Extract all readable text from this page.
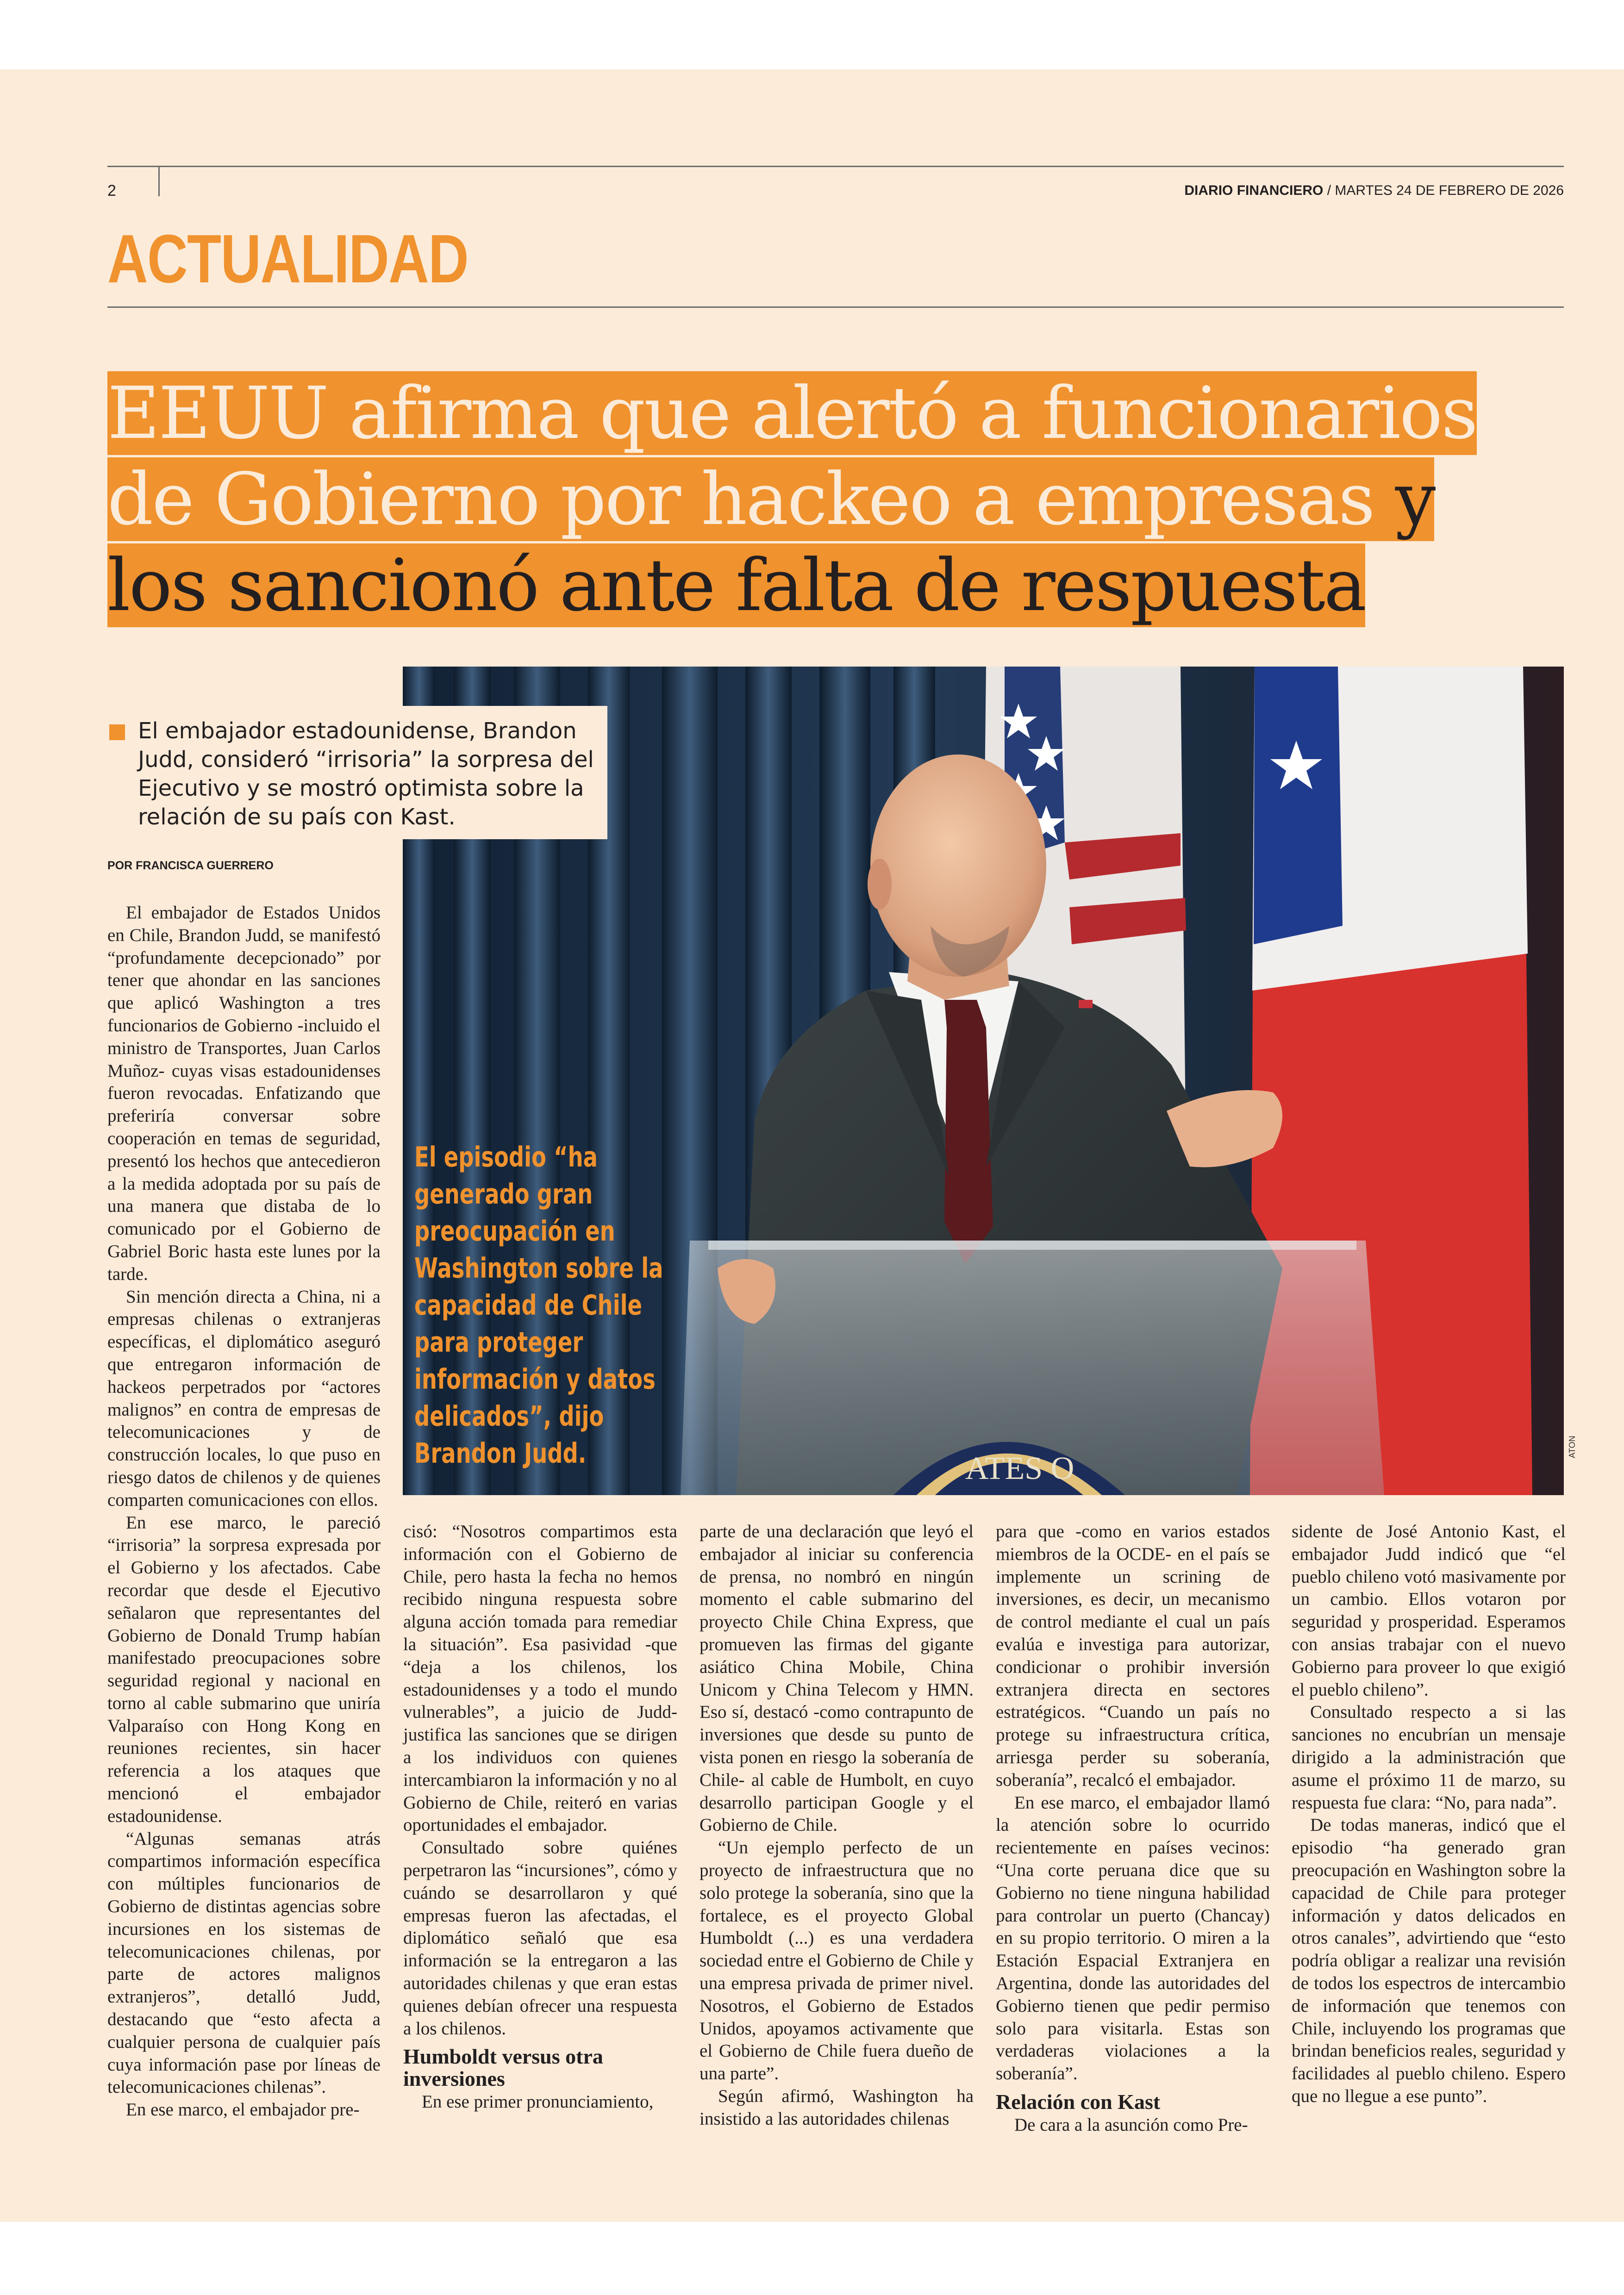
2	DIARIO FINANCIERO / MARTES 24 DE FEBRERO DE 2026
ACTUALIDAD
EEUU afirma que alertó a funcionarios
de Gobierno por hackeo a empresas y
los sancionó ante falta de respuesta
ATES O
ATON
El embajador estadounidense, Brandon Judd, consideró “irrisoria” la sorpresa del Ejecutivo y se mostró optimista sobre la relación de su país con Kast.
POR FRANCISCA GUERRERO
El episodio “ha generado gran preocupación en Washington sobre la capacidad de Chile para proteger información y datos delicados”, dijo Brandon Judd.

El embajador de Estados Unidos en Chile, Brandon Judd, se manifestó “profundamente decepcionado” por tener que ahondar en las sanciones que aplicó Washington a tres funcionarios de Gobierno -incluido el ministro de Transportes, Juan Carlos Muñoz- cuyas visas estadounidenses fueron revocadas. Enfatizando que preferiría conversar sobre cooperación en temas de seguridad, presentó los hechos que antecedieron a la medida adoptada por su país de una manera que distaba de lo comunicado por el Gobierno de Gabriel Boric hasta este lunes por la tarde.

Sin mención directa a China, ni a empresas chilenas o extranjeras específicas, el diplomático aseguró que entregaron información de hackeos perpetrados por “actores malignos” en contra de empresas de telecomunicaciones y de construcción locales, lo que puso en riesgo datos de chilenos y de quienes comparten comunicaciones con ellos.

En ese marco, le pareció “irrisoria” la sorpresa expresada por el Gobierno y los afectados. Cabe recordar que desde el Ejecutivo señalaron que representantes del Gobierno de Donald Trump habían manifestado preocupaciones sobre seguridad regional y nacional en torno al cable submarino que uniría Valparaíso con Hong Kong en reuniones recientes, sin hacer referencia a los ataques que mencionó el embajador estadounidense.

“Algunas semanas atrás compartimos información específica con múltiples funcionarios de Gobierno de distintas agencias sobre incursiones en los sistemas de telecomunicaciones chilenas, por parte de actores malignos extranjeros”, detalló Judd, destacando que “esto afecta a cualquier persona de cualquier país cuya información pase por líneas de telecomunicaciones chilenas”.

En ese marco, el embajador pre-

cisó: “Nosotros compartimos esta información con el Gobierno de Chile, pero hasta la fecha no hemos recibido ninguna respuesta sobre alguna acción tomada para remediar la situación”. Esa pasividad -que “deja a los chilenos, los estadounidenses y a todo el mundo vulnerables”, a juicio de Judd- justifica las sanciones que se dirigen a los individuos con quienes intercambiaron la información y no al Gobierno de Chile, reiteró en varias oportunidades el embajador.

Consultado sobre quiénes perpetraron las “incursiones”, cómo y cuándo se desarrollaron y qué empresas fueron las afectadas, el diplomático señaló que esa información se la entregaron a las autoridades chilenas y que eran estas quienes debían ofrecer una respuesta a los chilenos.

Humboldt versus otra inversiones

En ese primer pronunciamiento,

parte de una declaración que leyó el embajador al iniciar su conferencia de prensa, no nombró en ningún momento el cable submarino del proyecto Chile China Express, que promueven las firmas del gigante asiático China Mobile, China Unicom y China Telecom y HMN. Eso sí, destacó -como contrapunto de inversiones que desde su punto de vista ponen en riesgo la soberanía de Chile- al cable de Humbolt, en cuyo desarrollo participan Google y el Gobierno de Chile.

“Un ejemplo perfecto de un proyecto de infraestructura que no solo protege la soberanía, sino que la fortalece, es el proyecto Global Humboldt (...) es una verdadera sociedad entre el Gobierno de Chile y una empresa privada de primer nivel. Nosotros, el Gobierno de Estados Unidos, apoyamos activamente que el Gobierno de Chile fuera dueño de una parte”.

Según afirmó, Washington ha insistido a las autoridades chilenas

para que -como en varios estados miembros de la OCDE- en el país se implemente un scrining de inversiones, es decir, un mecanismo de control mediante el cual un país evalúa e investiga para autorizar, condicionar o prohibir inversión extranjera directa en sectores estratégicos. “Cuando un país no protege su infraestructura crítica, arriesga perder su soberanía, soberanía”, recalcó el embajador.

En ese marco, el embajador llamó la atención sobre lo ocurrido recientemente en países vecinos: “Una corte peruana dice que su Gobierno no tiene ninguna habilidad para controlar un puerto (Chancay) en su propio territorio. O miren a la Estación Espacial Extranjera en Argentina, donde las autoridades del Gobierno tienen que pedir permiso solo para visitarla. Estas son verdaderas violaciones a la soberanía”.

Relación con Kast

De cara a la asunción como Pre-

sidente de José Antonio Kast, el embajador Judd indicó que “el pueblo chileno votó masivamente por un cambio. Ellos votaron por seguridad y prosperidad. Esperamos con ansias trabajar con el nuevo Gobierno para proveer lo que exigió el pueblo chileno”.

Consultado respecto a si las sanciones no encubrían un mensaje dirigido a la administración que asume el próximo 11 de marzo, su respuesta fue clara: “No, para nada”.

De todas maneras, indicó que el episodio “ha generado gran preocupación en Washington sobre la capacidad de Chile para proteger información y datos delicados en otros canales”, advirtiendo que “esto podría obligar a realizar una revisión de todos los espectros de intercambio de información que tenemos con Chile, incluyendo los programas que brindan beneficios reales, seguridad y facilidades al pueblo chileno. Espero que no llegue a ese punto”.
